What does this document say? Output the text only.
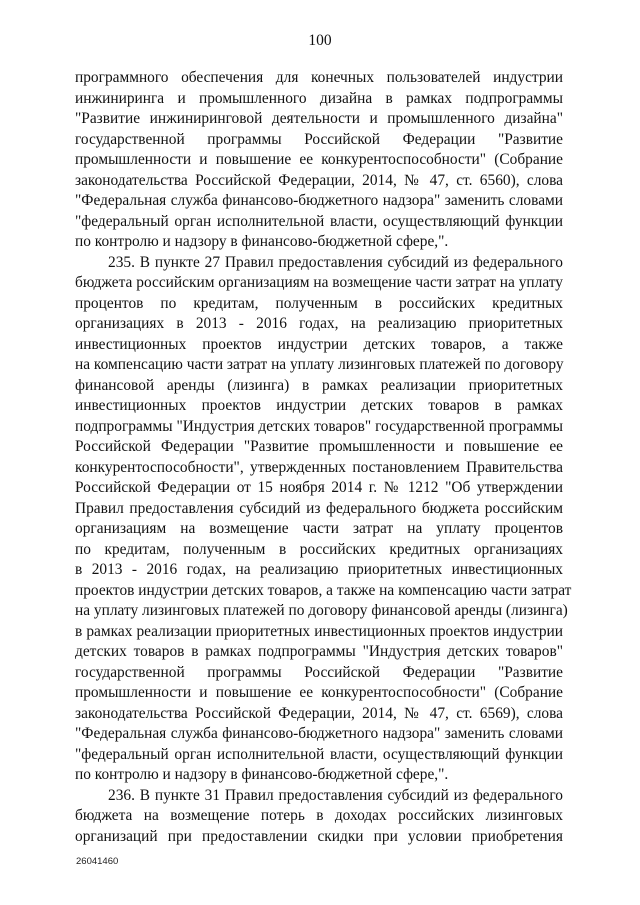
100
программного обеспечения для конечных пользователей индустрии
инжиниринга и промышленного дизайна в рамках подпрограммы
"Развитие инжиниринговой деятельности и промышленного дизайна"
государственной программы Российской Федерации "Развитие
промышленности и повышение ее конкурентоспособности" (Собрание
законодательства Российской Федерации, 2014, № 47, ст. 6560), слова
"Федеральная служба финансово-бюджетного надзора" заменить словами
"федеральный орган исполнительной власти, осуществляющий функции
по контролю и надзору в финансово-бюджетной сфере,".
235. В пункте 27 Правил предоставления субсидий из федерального
бюджета российским организациям на возмещение части затрат на уплату
процентов по кредитам, полученным в российских кредитных
организациях в 2013 - 2016 годах, на реализацию приоритетных
инвестиционных проектов индустрии детских товаров, а также
на компенсацию части затрат на уплату лизинговых платежей по договору
финансовой аренды (лизинга) в рамках реализации приоритетных
инвестиционных проектов индустрии детских товаров в рамках
подпрограммы "Индустрия детских товаров" государственной программы
Российской Федерации "Развитие промышленности и повышение ее
конкурентоспособности", утвержденных постановлением Правительства
Российской Федерации от 15 ноября 2014 г. № 1212 "Об утверждении
Правил предоставления субсидий из федерального бюджета российским
организациям на возмещение части затрат на уплату процентов
по кредитам, полученным в российских кредитных организациях
в 2013 - 2016 годах, на реализацию приоритетных инвестиционных
проектов индустрии детских товаров, а также на компенсацию части затрат
на уплату лизинговых платежей по договору финансовой аренды (лизинга)
в рамках реализации приоритетных инвестиционных проектов индустрии
детских товаров в рамках подпрограммы "Индустрия детских товаров"
государственной программы Российской Федерации "Развитие
промышленности и повышение ее конкурентоспособности" (Собрание
законодательства Российской Федерации, 2014, № 47, ст. 6569), слова
"Федеральная служба финансово-бюджетного надзора" заменить словами
"федеральный орган исполнительной власти, осуществляющий функции
по контролю и надзору в финансово-бюджетной сфере,".
236. В пункте 31 Правил предоставления субсидий из федерального
бюджета на возмещение потерь в доходах российских лизинговых
организаций при предоставлении скидки при условии приобретения
26041460
